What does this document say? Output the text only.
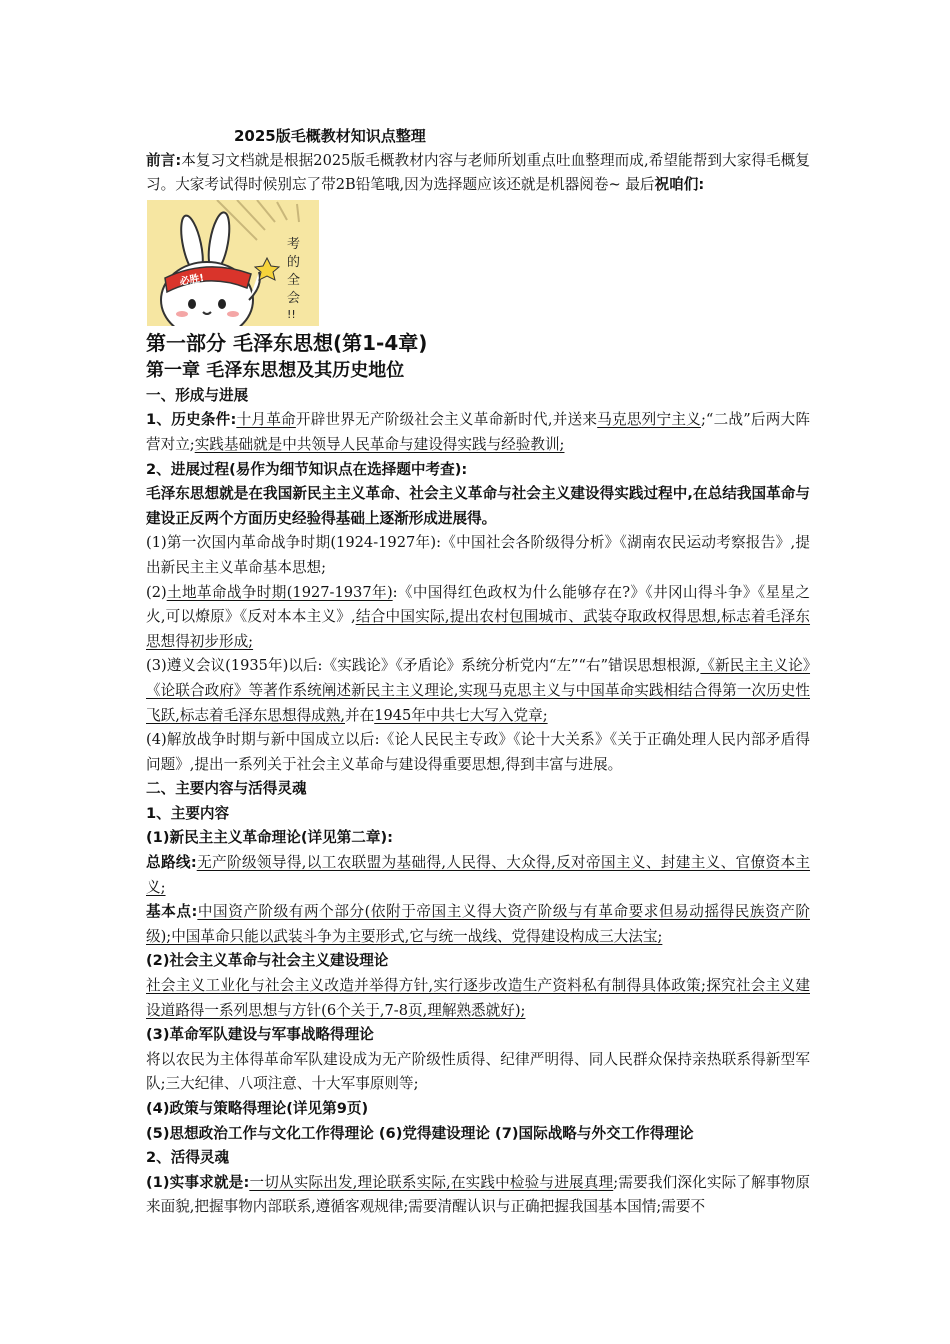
2025版毛概教材知识点整理

前言:本复习文档就是根据2025版毛概教材内容与老师所划重点吐血整理而成,希望能帮到大家得毛概复习。大家考试得时候别忘了带2B铅笔哦,因为选择题应该还就是机器阅卷~ 最后祝咱们:

必胜!
考
的
全
会
!!

第一部分 毛泽东思想(第1-4章)

第一章 毛泽东思想及其历史地位

一、形成与进展

1、历史条件:十月革命开辟世界无产阶级社会主义革命新时代,并送来马克思列宁主义;“二战”后两大阵营对立;实践基础就是中共领导人民革命与建设得实践与经验教训;

2、进展过程(易作为细节知识点在选择题中考查):

毛泽东思想就是在我国新民主主义革命、社会主义革命与社会主义建设得实践过程中,在总结我国革命与建设正反两个方面历史经验得基础上逐渐形成进展得。

(1)第一次国内革命战争时期(1924-1927年):《中国社会各阶级得分析》《湖南农民运动考察报告》,提出新民主主义革命基本思想;

(2)土地革命战争时期(1927-1937年):《中国得红色政权为什么能够存在?》《井冈山得斗争》《星星之火,可以燎原》《反对本本主义》,结合中国实际,提出农村包围城市、武装夺取政权得思想,标志着毛泽东思想得初步形成;

(3)遵义会议(1935年)以后:《实践论》《矛盾论》系统分析党内“左”“右”错误思想根源,《新民主主义论》《论联合政府》等著作系统阐述新民主主义理论,实现马克思主义与中国革命实践相结合得第一次历史性飞跃,标志着毛泽东思想得成熟,并在1945年中共七大写入党章;

(4)解放战争时期与新中国成立以后:《论人民民主专政》《论十大关系》《关于正确处理人民内部矛盾得问题》,提出一系列关于社会主义革命与建设得重要思想,得到丰富与进展。

二、主要内容与活得灵魂

1、主要内容

(1)新民主主义革命理论(详见第二章):

总路线:无产阶级领导得,以工农联盟为基础得,人民得、大众得,反对帝国主义、封建主义、官僚资本主义;

基本点:中国资产阶级有两个部分(依附于帝国主义得大资产阶级与有革命要求但易动摇得民族资产阶级);中国革命只能以武装斗争为主要形式,它与统一战线、党得建设构成三大法宝;

(2)社会主义革命与社会主义建设理论

社会主义工业化与社会主义改造并举得方针,实行逐步改造生产资料私有制得具体政策;探究社会主义建设道路得一系列思想与方针(6个关于,7-8页,理解熟悉就好);

(3)革命军队建设与军事战略得理论

将以农民为主体得革命军队建设成为无产阶级性质得、纪律严明得、同人民群众保持亲热联系得新型军队;三大纪律、八项注意、十大军事原则等;

(4)政策与策略得理论(详见第9页)

(5)思想政治工作与文化工作得理论 (6)党得建设理论 (7)国际战略与外交工作得理论

2、活得灵魂

(1)实事求就是:一切从实际出发,理论联系实际,在实践中检验与进展真理;需要我们深化实际了解事物原来面貌,把握事物内部联系,遵循客观规律;需要清醒认识与正确把握我国基本国情;需要不
